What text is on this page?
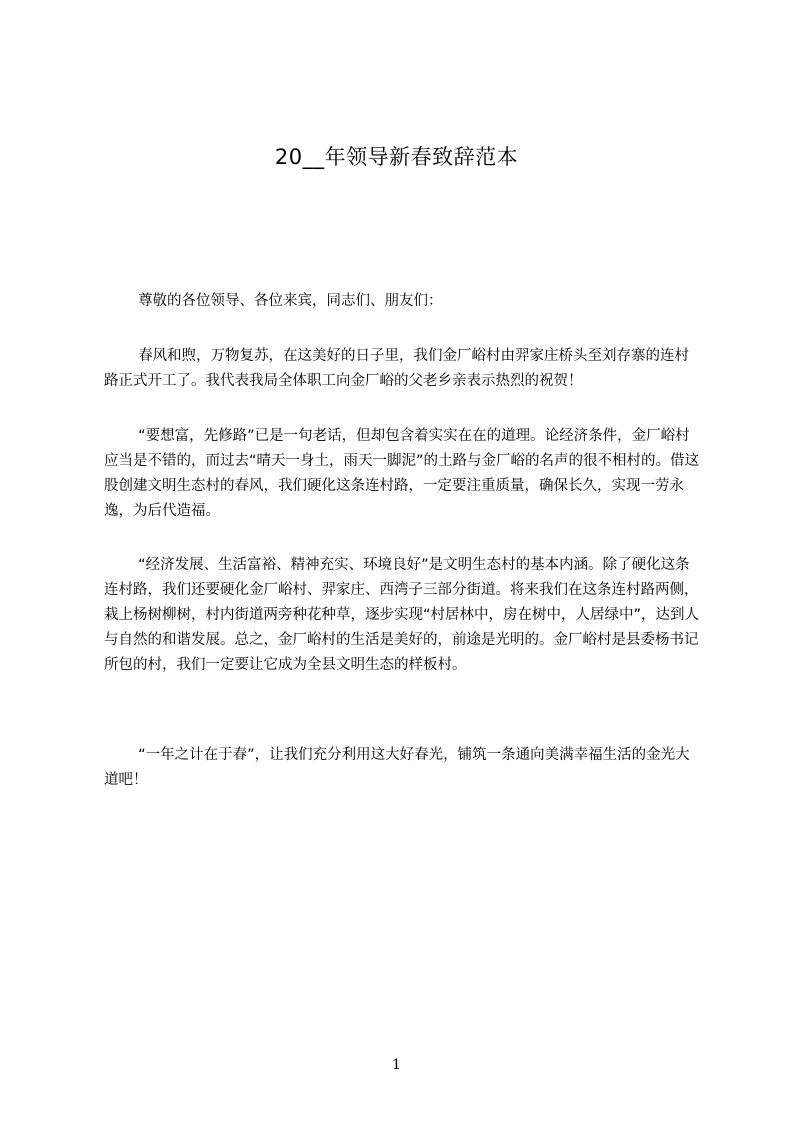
20__年领导新春致辞范本

尊敬的各位领导、各位来宾，同志们、朋友们：

春风和煦，万物复苏，在这美好的日子里，我们金厂峪村由羿家庄桥头至刘存寨的连村路正式开工了。我代表我局全体职工向金厂峪的父老乡亲表示热烈的祝贺！

“要想富，先修路”已是一句老话，但却包含着实实在在的道理。论经济条件，金厂峪村应当是不错的，而过去“晴天一身土，雨天一脚泥”的土路与金厂峪的名声的很不相村的。借这股创建文明生态村的春风，我们硬化这条连村路，一定要注重质量，确保长久，实现一劳永逸，为后代造福。

“经济发展、生活富裕、精神充实、环境良好”是文明生态村的基本内涵。除了硬化这条连村路，我们还要硬化金厂峪村、羿家庄、西湾子三部分街道。将来我们在这条连村路两侧，栽上杨树柳树，村内街道两旁种花种草，逐步实现“村居林中，房在树中，人居绿中”，达到人与自然的和谐发展。总之，金厂峪村的生活是美好的，前途是光明的。金厂峪村是县委杨书记所包的村，我们一定要让它成为全县文明生态的样板村。

“一年之计在于春”，让我们充分利用这大好春光，铺筑一条通向美满幸福生活的金光大道吧！

1
